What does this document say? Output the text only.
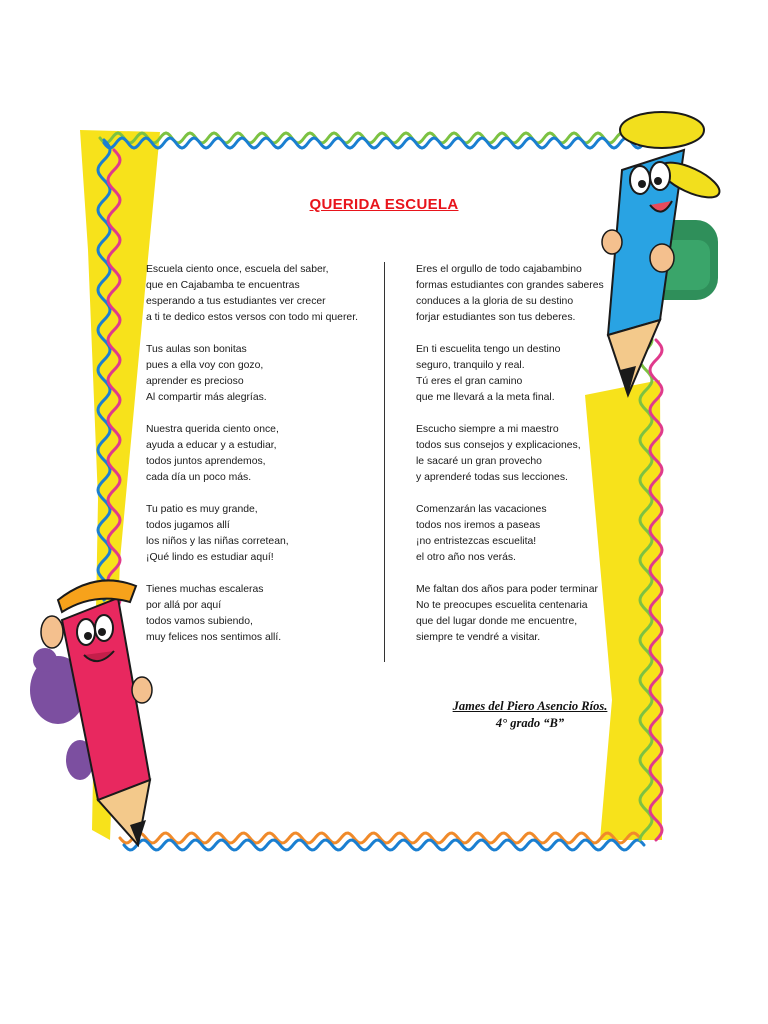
QUERIDA ESCUELA
Escuela ciento once, escuela del saber,
que en Cajabamba te encuentras
esperando a tus estudiantes ver crecer
a ti te dedico estos versos con todo mi querer.
Tus aulas son bonitas
pues a ella voy con gozo,
aprender es precioso
Al compartir más alegrías.
Nuestra querida ciento once,
ayuda a educar y a estudiar,
todos juntos aprendemos,
cada día un poco más.
Tu patio es muy grande,
todos jugamos allí
los niños y las niñas corretean,
¡Qué lindo es estudiar aquí!
Tienes muchas escaleras
por allá por aquí
todos vamos subiendo,
muy felices nos sentimos allí.
Eres el orgullo de todo cajabambino
formas estudiantes con grandes saberes
conduces a la gloria de su destino
forjar estudiantes son tus deberes.
En ti escuelita tengo un destino
seguro, tranquilo y real.
Tú eres el gran camino
que me llevará a la meta final.
Escucho siempre a mi maestro
todos sus consejos y explicaciones,
le sacaré un gran provecho
y aprenderé todas sus lecciones.
Comenzarán las vacaciones
todos nos iremos a paseas
¡no entristezcas escuelita!
el otro año nos verás.
Me faltan dos años para poder terminar
No te preocupes escuelita centenaria
que del lugar donde me encuentre,
siempre te vendré a visitar.
James del Piero Asencio Ríos.
4° grado “B”
